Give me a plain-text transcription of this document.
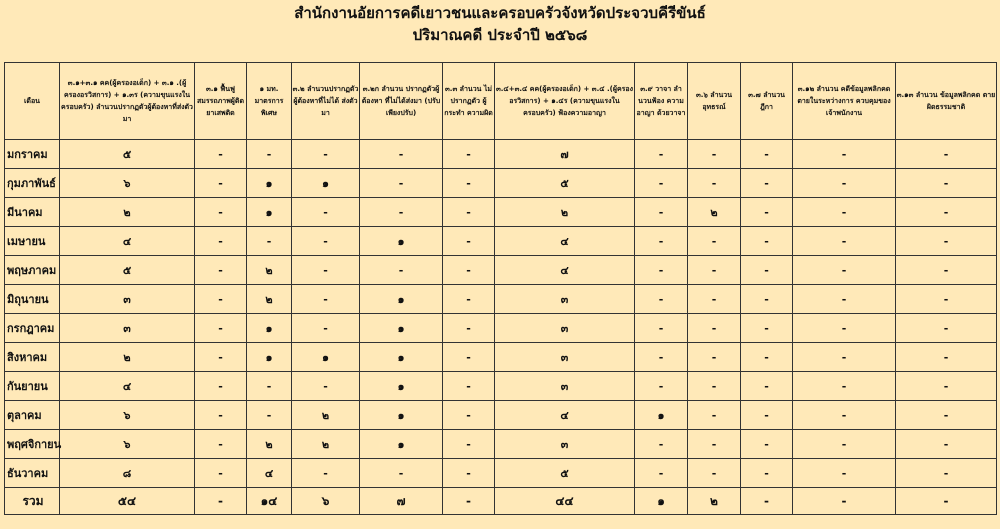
สำนักงานอัยการคดีเยาวชนและครอบครัวจังหวัดประจวบคีรีขันธ์
ปริมาณคดี ประจำปี ๒๕๖๘
เดือน	๓.๑+๓.๑ คค(ผู้ครองอเด็ก) + ๓.๑ .(ผู้ครองอรวิสการ) + ๑.๓ร (ความขุนแรงในครอบครัว) ลำนวนปรากฏตัวผู้ต้องหาที่ส่งตัวมา	๓.๑ ฟื้นฟู สมรรถภาพผู้ติด ยาเสพติด	๑ มท. มาตรการ พิเศษ	๓.๒ ลำนวนปรากฏตัว ผู้ต้องหาที่ไม่ได้ ส่งตัวมา	๓.๒ก ลำนวน ปรากฏตัวผู้ต้องหา ที่ไม่ได้ส่งมา (ปรับเพียงปรับ)	๓.๓ ลำนวน ไม่ปรากฏตัว ผู้กระทำ ความผิด	๓.๔+๓.๔ คค(ผู้ครองอเด็ก) + ๓.๔ .(ผู้ครองอรวิสการ) + ๑.๔ร (ความขุนแรงในครอบครัว) ฟ้องความอาญา	๓.๙ วาจา ลำนวนฟ้อง ความอาญา ด้วยวาจา	๓.๖ ลำนวน อุทธรณ์	๓.๗ ลำนวน ฎีกา	๓.๑๒ ลำนวน คดีข้อมูลพลิกคด ตายในระหว่างการ ควบคุมของเจ้าพนักงาน	๓.๑๓ ลำนวน ข้อมูลพลิกคด ตายผิดธรรมชาติ
มกราคม	๕	-	-	-	-	-	๗	-	-	-	-	-
กุมภาพันธ์	๖	-	๑	๑	-	-	๕	-	-	-	-	-
มีนาคม	๒	-	๑	-	-	-	๒	-	๒	-	-	-
เมษายน	๔	-	-	-	๑	-	๔	-	-	-	-	-
พฤษภาคม	๕	-	๒	-	-	-	๔	-	-	-	-	-
มิถุนายน	๓	-	๒	-	๑	-	๓	-	-	-	-	-
กรกฎาคม	๓	-	๑	-	๑	-	๓	-	-	-	-	-
สิงหาคม	๒	-	๑	๑	๑	-	๓	-	-	-	-	-
กันยายน	๔	-	-	-	๑	-	๓	-	-	-	-	-
ตุลาคม	๖	-	-	๒	๑	-	๔	๑	-	-	-	-
พฤศจิกายน	๖	-	๒	๒	๑	-	๓	-	-	-	-	-
ธันวาคม	๘	-	๔	-	-	-	๕	-	-	-	-	-
รวม	๕๔	-	๑๔	๖	๗	-	๔๔	๑	๒	-	-	-
